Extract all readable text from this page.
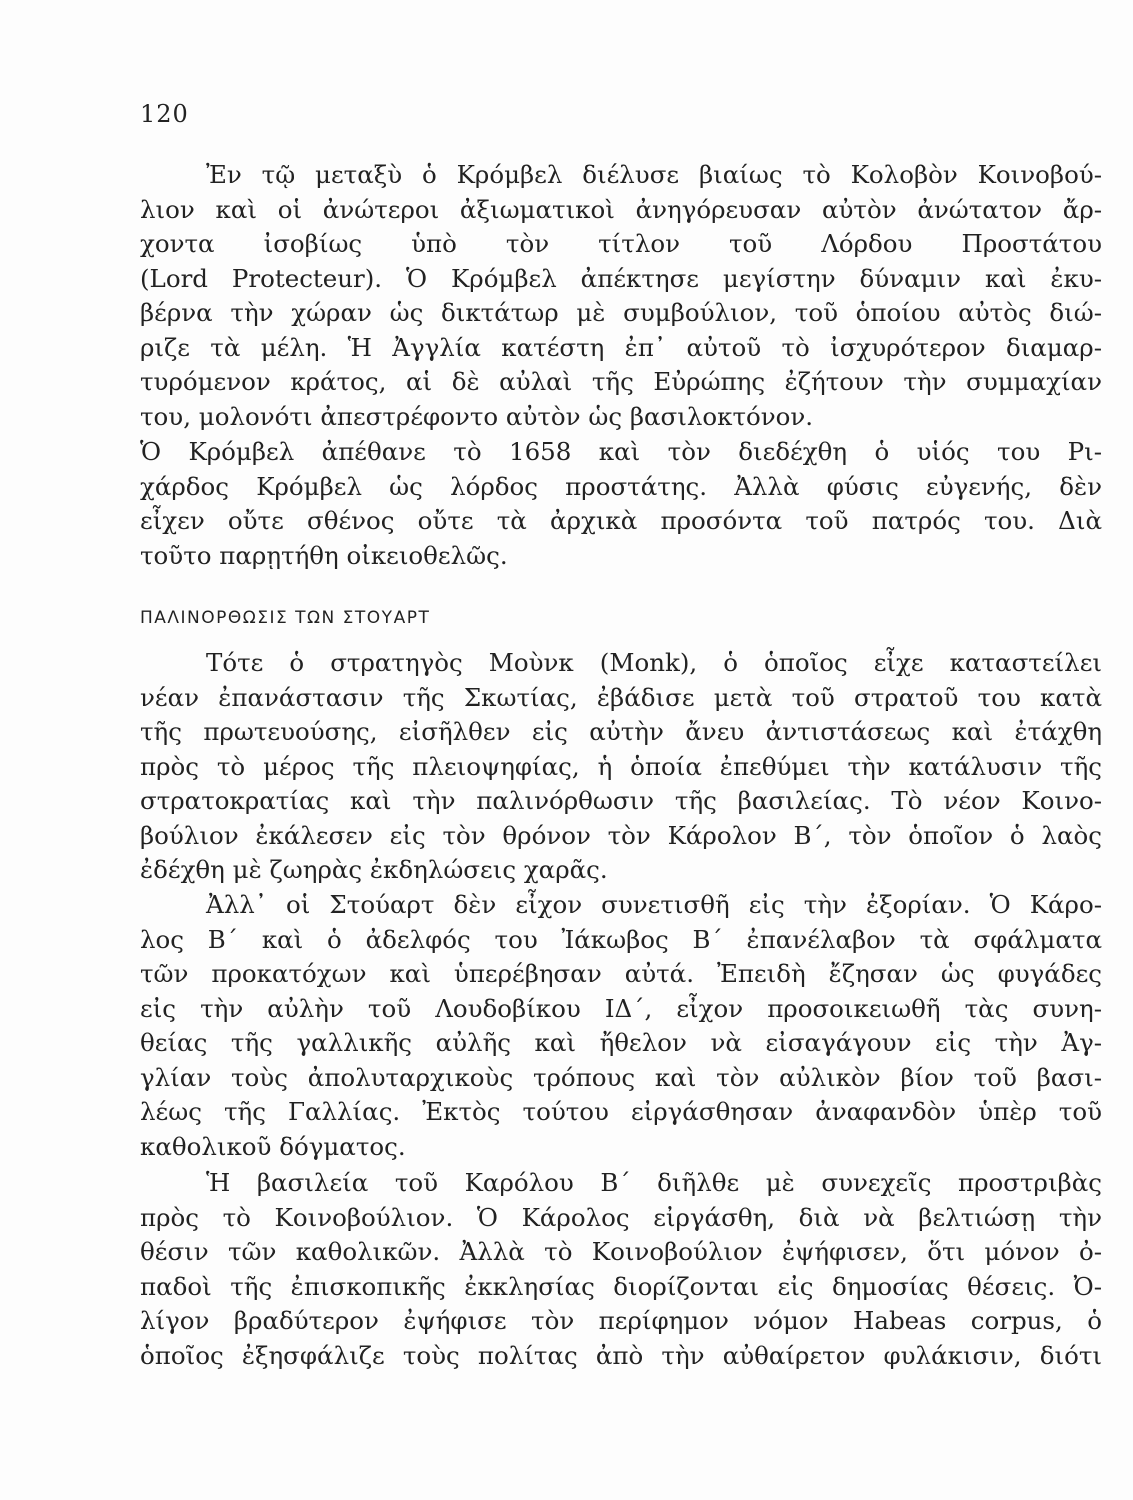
120

Ἐν τῷ μεταξὺ ὁ Κρόμβελ διέλυσε βιαίως τὸ Κολοβὸν Κοινοβού-
λιον καὶ οἱ ἀνώτεροι ἀξιωματικοὶ ἀνηγόρευσαν αὐτὸν ἀνώτατον ἄρ-
χοντα ἰσοβίως ὑπὸ τὸν τίτλον τοῦ Λόρδου Προστάτου
(Lord Protecteur). Ὁ Κρόμβελ ἀπέκτησε μεγίστην δύναμιν καὶ ἐκυ-
βέρνα τὴν χώραν ὡς δικτάτωρ μὲ συμβούλιον, τοῦ ὁποίου αὐτὸς διώ-
ριζε τὰ μέλη. Ἡ Ἀγγλία κατέστη ἐπ᾽ αὐτοῦ τὸ ἰσχυρότερον διαμαρ-
τυρόμενον κράτος, αἱ δὲ αὐλαὶ τῆς Εὐρώπης ἐζήτουν τὴν συμμαχίαν
του, μολονότι ἀπεστρέφοντο αὐτὸν ὡς βασιλοκτόνον.

Ὁ Κρόμβελ ἀπέθανε τὸ 1658 καὶ τὸν διεδέχθη ὁ υἱός του Ρι-
χάρδος Κρόμβελ ὡς λόρδος προστάτης. Ἀλλὰ φύσις εὐγενής, δὲν
εἶχεν οὔτε σθένος οὔτε τὰ ἀρχικὰ προσόντα τοῦ πατρός του. Διὰ
τοῦτο παρῃτήθη οἰκειοθελῶς.

ΠΑΛΙΝΟΡΘΩΣΙΣ ΤΩΝ ΣΤΟΥΑΡΤ

Τότε ὁ στρατηγὸς Μοὺνκ (Monk), ὁ ὁποῖος εἶχε καταστείλει
νέαν ἐπανάστασιν τῆς Σκωτίας, ἐβάδισε μετὰ τοῦ στρατοῦ του κατὰ
τῆς πρωτευούσης, εἰσῆλθεν εἰς αὐτὴν ἄνευ ἀντιστάσεως καὶ ἐτάχθη
πρὸς τὸ μέρος τῆς πλειοψηφίας, ἡ ὁποία ἐπεθύμει τὴν κατάλυσιν τῆς
στρατοκρατίας καὶ τὴν παλινόρθωσιν τῆς βασιλείας. Τὸ νέον Κοινο-
βούλιον ἐκάλεσεν εἰς τὸν θρόνον τὸν Κάρολον Β΄, τὸν ὁποῖον ὁ λαὸς
ἐδέχθη μὲ ζωηρὰς ἐκδηλώσεις χαρᾶς.

Ἀλλ᾽ οἱ Στούαρτ δὲν εἶχον συνετισθῆ εἰς τὴν ἐξορίαν. Ὁ Κάρο-
λος Β΄ καὶ ὁ ἀδελφός του Ἰάκωβος Β΄ ἐπανέλαβον τὰ σφάλματα
τῶν προκατόχων καὶ ὑπερέβησαν αὐτά. Ἐπειδὴ ἔζησαν ὡς φυγάδες
εἰς τὴν αὐλὴν τοῦ Λουδοβίκου ΙΔ΄, εἶχον προσοικειωθῆ τὰς συνη-
θείας τῆς γαλλικῆς αὐλῆς καὶ ἤθελον νὰ εἰσαγάγουν εἰς τὴν Ἀγ-
γλίαν τοὺς ἀπολυταρχικοὺς τρόπους καὶ τὸν αὐλικὸν βίον τοῦ βασι-
λέως τῆς Γαλλίας. Ἐκτὸς τούτου εἰργάσθησαν ἀναφανδὸν ὑπὲρ τοῦ
καθολικοῦ δόγματος.

Ἡ βασιλεία τοῦ Καρόλου Β΄ διῆλθε μὲ συνεχεῖς προστριβὰς
πρὸς τὸ Κοινοβούλιον. Ὁ Κάρολος εἰργάσθη, διὰ νὰ βελτιώσῃ τὴν
θέσιν τῶν καθολικῶν. Ἀλλὰ τὸ Κοινοβούλιον ἐψήφισεν, ὅτι μόνον ὀ-
παδοὶ τῆς ἐπισκοπικῆς ἐκκλησίας διορίζονται εἰς δημοσίας θέσεις. Ὀ-
λίγον βραδύτερον ἐψήφισε τὸν περίφημον νόμον Habeas corpus, ὁ
ὁποῖος ἐξησφάλιζε τοὺς πολίτας ἀπὸ τὴν αὐθαίρετον φυλάκισιν, διότι
